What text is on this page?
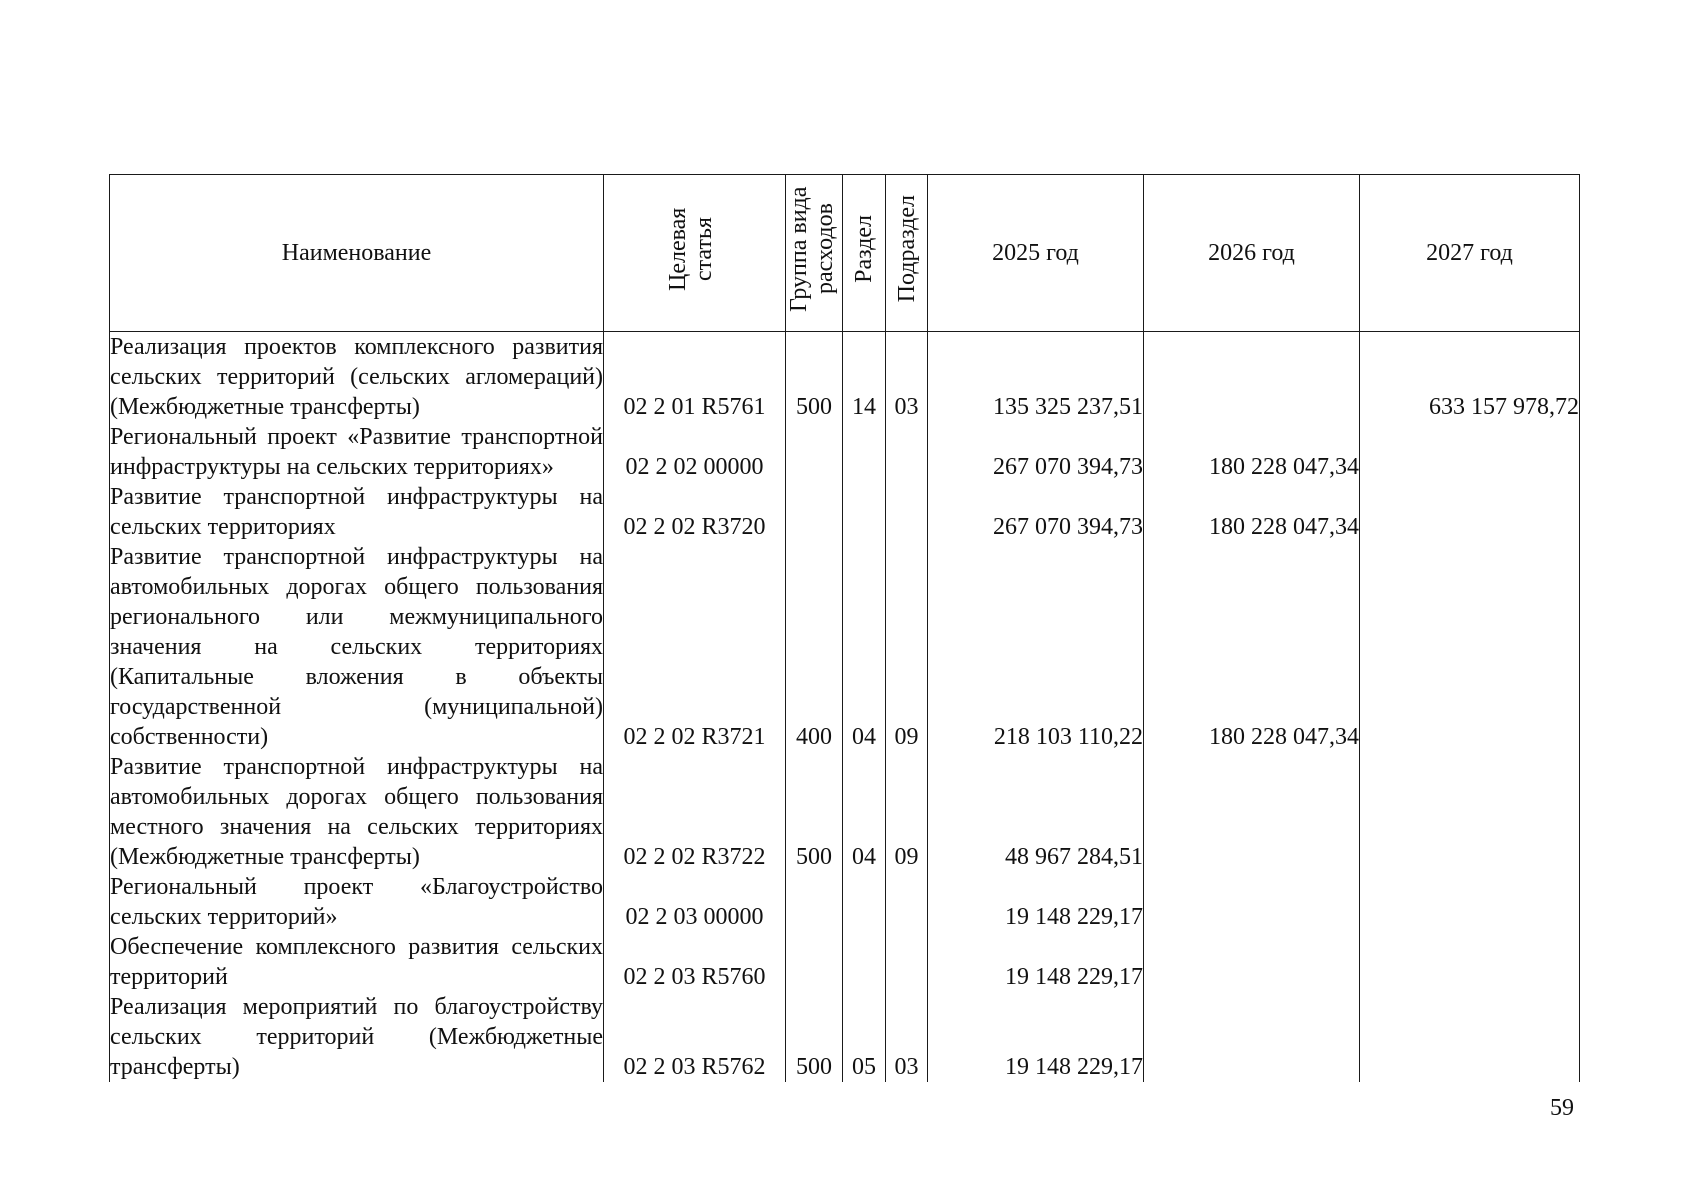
Наименование	Целевая статья	Группа вида расходов	Раздел	Подраздел	2025 год	2026 год	2027 год
Реализация проектов комплексного развития сельских территорий (сельских агломераций) (Межбюджетные трансферты)	02 2 01 R5761	500	14	03	135 325 237,51		633 157 978,72
Региональный проект «Развитие транспортной инфраструктуры на сельских территориях»	02 2 02 00000				267 070 394,73	180 228 047,34	
Развитие транспортной инфраструктуры на сельских территориях	02 2 02 R3720				267 070 394,73	180 228 047,34	
Развитие транспортной инфраструктуры на автомобильных дорогах общего пользования регионального или межмуниципального значения на сельских территориях (Капитальные вложения в объекты государственной (муниципальной) собственности)	02 2 02 R3721	400	04	09	218 103 110,22	180 228 047,34	
Развитие транспортной инфраструктуры на автомобильных дорогах общего пользования местного значения на сельских территориях (Межбюджетные трансферты)	02 2 02 R3722	500	04	09	48 967 284,51		
Региональный проект «Благоустройство сельских территорий»	02 2 03 00000				19 148 229,17		
Обеспечение комплексного развития сельских территорий	02 2 03 R5760				19 148 229,17		
Реализация мероприятий по благоустройству сельских территорий (Межбюджетные трансферты)	02 2 03 R5762	500	05	03	19 148 229,17		
59
